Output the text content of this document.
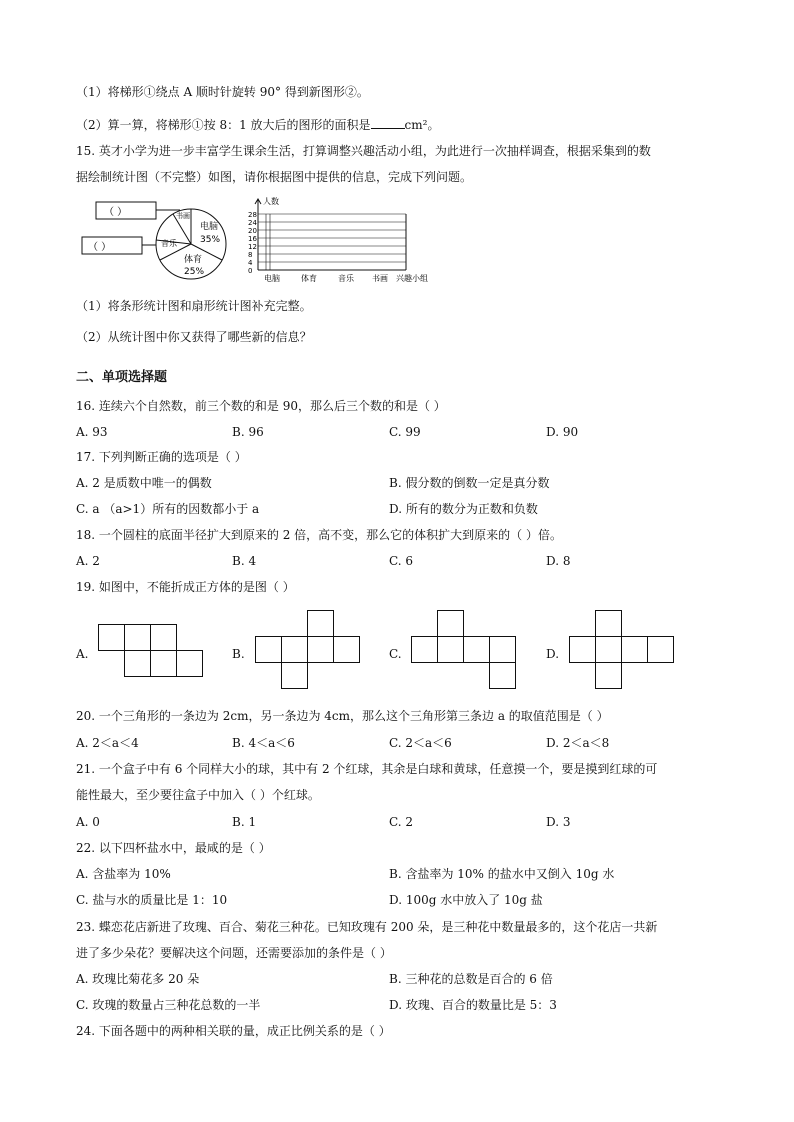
（1）将梯形①绕点 A 顺时针旋转 90° 得到新图形②。
（2）算一算，将梯形①按 8：1 放大后的图形的面积是	cm²。
15. 英才小学为进一步丰富学生课余生活，打算调整兴趣活动小组，为此进行一次抽样调查，根据采集到的数
据绘制统计图（不完整）如图，请你根据图中提供的信息，完成下列问题。
（ ）
（ ）
电脑
35%
体育
25%
音乐
书画
人数
28
24
20
16
12
8
4
0
电脑	体育	音乐 书画 兴趣小组
（1）将条形统计图和扇形统计图补充完整。
（2）从统计图中你又获得了哪些新的信息？
二、单项选择题
16. 连续六个自然数，前三个数的和是 90，那么后三个数的和是（ ）
A. 93	B. 96	C. 99	D. 90
17. 下列判断正确的选项是（ ）
A. 2 是质数中唯一的偶数	B. 假分数的倒数一定是真分数
C. a （a>1）所有的因数都小于 a	D. 所有的数分为正数和负数
18. 一个圆柱的底面半径扩大到原来的 2 倍，高不变，那么它的体积扩大到原来的（ ）倍。
A. 2	B. 4	C. 6	D. 8
19. 如图中，不能折成正方体的是图（ ）
A.	B.	C.	D.
20. 一个三角形的一条边为 2cm，另一条边为 4cm，那么这个三角形第三条边 a 的取值范围是（ ）
A. 2＜a＜4	B. 4＜a＜6	C. 2＜a＜6	D. 2＜a＜8
21. 一个盒子中有 6 个同样大小的球，其中有 2 个红球，其余是白球和黄球，任意摸一个，要是摸到红球的可
能性最大，至少要往盒子中加入（ ）个红球。
A. 0	B. 1	C. 2	D. 3
22. 以下四杯盐水中，最咸的是（ ）
A. 含盐率为 10%	B. 含盐率为 10% 的盐水中又倒入 10g 水
C. 盐与水的质量比是 1：10	D. 100g 水中放入了 10g 盐
23. 蝶恋花店新进了玫瑰、百合、菊花三种花。已知玫瑰有 200 朵，是三种花中数量最多的，这个花店一共新
进了多少朵花？要解决这个问题，还需要添加的条件是（ ）
A. 玫瑰比菊花多 20 朵	B. 三种花的总数是百合的 6 倍
C. 玫瑰的数量占三种花总数的一半	D. 玫瑰、百合的数量比是 5：3
24. 下面各题中的两种相关联的量，成正比例关系的是（ ）
